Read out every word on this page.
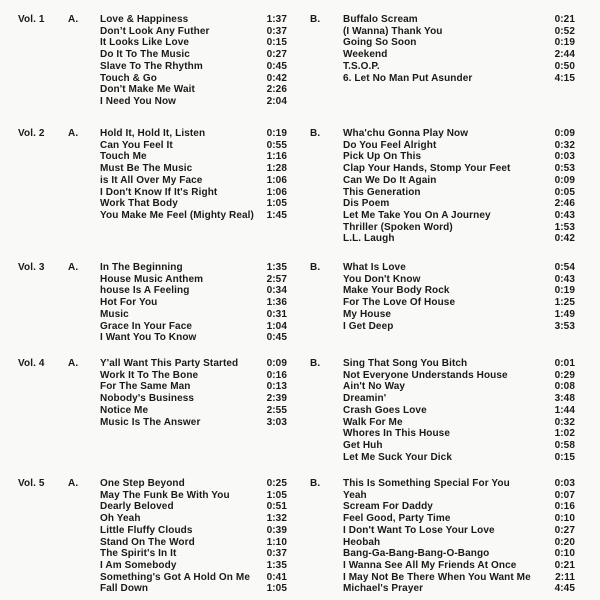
Vol. 1 A. Love & Happiness	1:37
Don’t Look Any Futher	0:37
It Looks Like Love	0:15
Do It To The Music	0:27
Slave To The Rhythm	0:45
Touch & Go	0:42
Don't Make Me Wait	2:26
I Need You Now	2:04
B. Buffalo Scream	0:21
(I Wanna) Thank You	0:52
Going So Soon	0:19
Weekend	2:44
T.S.O.P.	0:50
6. Let No Man Put Asunder	4:15
Vol. 2 A. Hold It, Hold It, Listen	0:19
Can You Feel It	0:55
Touch Me	1:16
Must Be The Music	1:28
is It All Over My Face	1:06
I Don't Know If It's Right	1:06
Work That Body	1:05
You Make Me Feel (Mighty Real)	1:45
B. Wha'chu Gonna Play Now	0:09
Do You Feel Alright	0:32
Pick Up On This	0:03
Clap Your Hands, Stomp Your Feet	0:53
Can We Do It Again	0:09
This Generation	0:05
Dis Poem	2:46
Let Me Take You On A Journey	0:43
Thriller (Spoken Word)	1:53
L.L. Laugh	0:42
Vol. 3 A. In The Beginning	1:35
House Music Anthem	2:57
house Is A Feeling	0:34
Hot For You	1:36
Music	0:31
Grace In Your Face	1:04
I Want You To Know	0:45
B. What Is Love	0:54
You Don't Know	0:43
Make Your Body Rock	0:19
For The Love Of House	1:25
My House	1:49
I Get Deep	3:53
Vol. 4 A. Y'all Want This Party Started	0:09
Work It To The Bone	0:16
For The Same Man	0:13
Nobody's Business	2:39
Notice Me	2:55
Music Is The Answer	3:03
B. Sing That Song You Bitch	0:01
Not Everyone Understands House	0:29
Ain't No Way	0:08
Dreamin'	3:48
Crash Goes Love	1:44
Walk For Me	0:32
Whores In This House	1:02
Get Huh	0:58
Let Me Suck Your Dick	0:15
Vol. 5 A. One Step Beyond	0:25
May The Funk Be With You	1:05
Dearly Beloved	0:51
Oh Yeah	1:32
Little Fluffy Clouds	0:39
Stand On The Word	1:10
The Spirit's In It	0:37
I Am Somebody	1:35
Something's Got A Hold On Me	0:41
Fall Down	1:05
B. This Is Something Special For You	0:03
Yeah	0:07
Scream For Daddy	0:16
Feel Good, Party Time	0:10
I Don't Want To Lose Your Love	0:27
Heobah	0:20
Bang-Ga-Bang-Bang-O-Bango	0:10
I Wanna See All My Friends At Once	0:21
I May Not Be There When You Want Me	2:11
Michael's Prayer	4:45
